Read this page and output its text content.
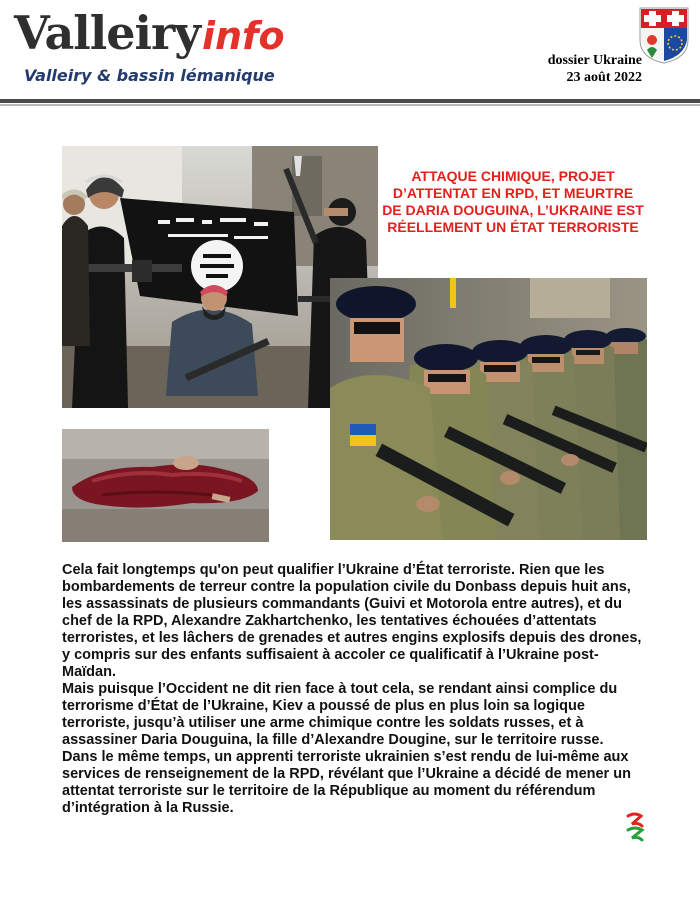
Valleiryinfo
Valleiry & bassin lémanique
dossier Ukraine
23 août 2022
ATTAQUE CHIMIQUE, PROJET D’ATTENTAT EN RPD, ET MEURTRE DE DARIA DOUGUINA, L’UKRAINE EST RÉELLEMENT UN ÉTAT TERRORISTE

Cela fait longtemps qu'on peut qualifier l’Ukraine d’État terroriste. Rien que les bombardements de terreur contre la population civile du Donbass depuis huit ans, les assassinats de plusieurs commandants (Guivi et Motorola entre autres), et du chef de la RPD, Alexandre Zakhartchenko, les tentatives échouées d’attentats terroristes, et les lâchers de grenades et autres engins explosifs depuis des drones, y compris sur des enfants suffisaient à accoler ce qualificatif à l’Ukraine post-Maïdan.

Mais puisque l’Occident ne dit rien face à tout cela, se rendant ainsi complice du terrorisme d’État de l’Ukraine, Kiev a poussé de plus en plus loin sa logique terroriste, jusqu’à utiliser une arme chimique contre les soldats russes, et à assassiner Daria Douguina, la fille d’Alexandre Dougine, sur le territoire russe.

Dans le même temps, un apprenti terroriste ukrainien s’est rendu de lui-même aux services de renseignement de la RPD, révélant que l’Ukraine a décidé de mener un attentat terroriste sur le territoire de la République au moment du référendum d’intégration à la Russie.
